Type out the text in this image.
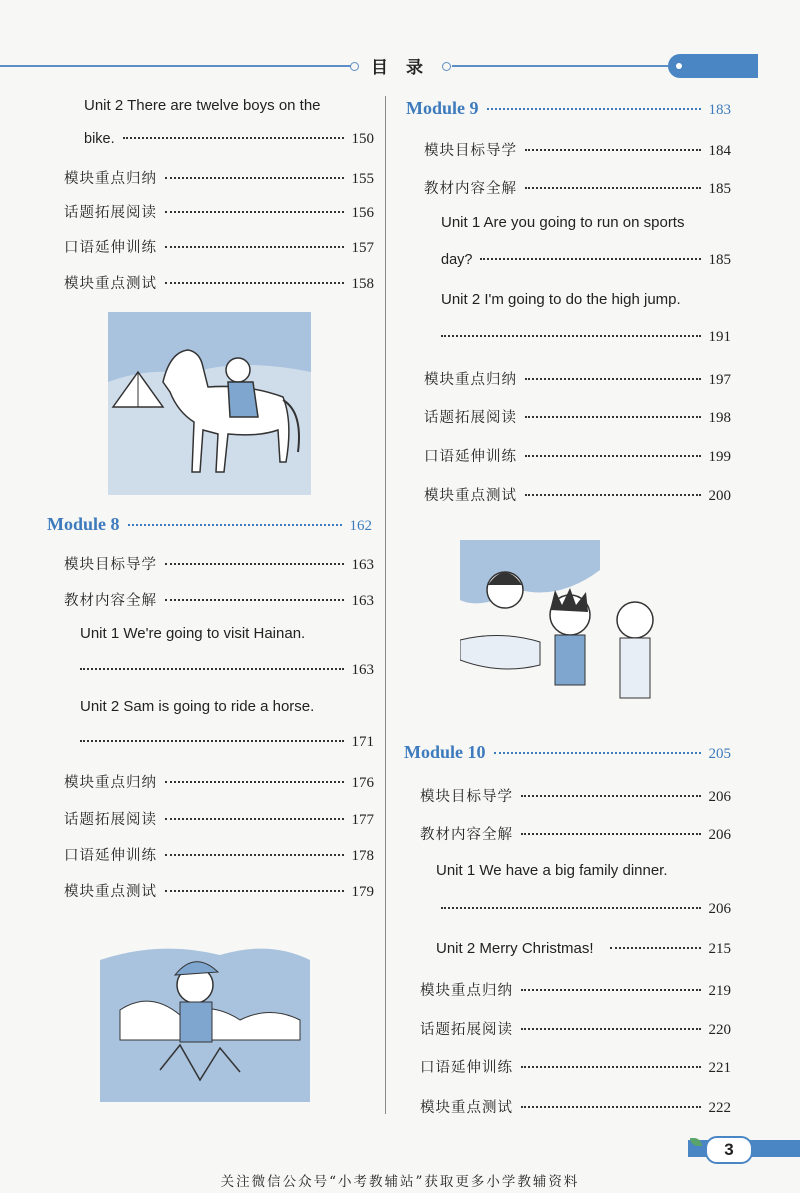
目 录
Unit 2 There are twelve boys on the
bike.	150
模块重点归纳	155
话题拓展阅读	156
口语延伸训练	157
模块重点测试	158
Module 8	162
模块目标导学	163
教材内容全解	163
Unit 1 We're going to visit Hainan.
163
Unit 2 Sam is going to ride a horse.
171
模块重点归纳	176
话题拓展阅读	177
口语延伸训练	178
模块重点测试	179
Module 9	183
模块目标导学	184
教材内容全解	185
Unit 1 Are you going to run on sports
day?	185
Unit 2 I'm going to do the high jump.
191
模块重点归纳	197
话题拓展阅读	198
口语延伸训练	199
模块重点测试	200
Module 10	205
模块目标导学	206
教材内容全解	206
Unit 1 We have a big family dinner.
206
Unit 2 Merry Christmas!	215
模块重点归纳	219
话题拓展阅读	220
口语延伸训练	221
模块重点测试	222
3
关注微信公众号“小考教辅站”获取更多小学教辅资料
